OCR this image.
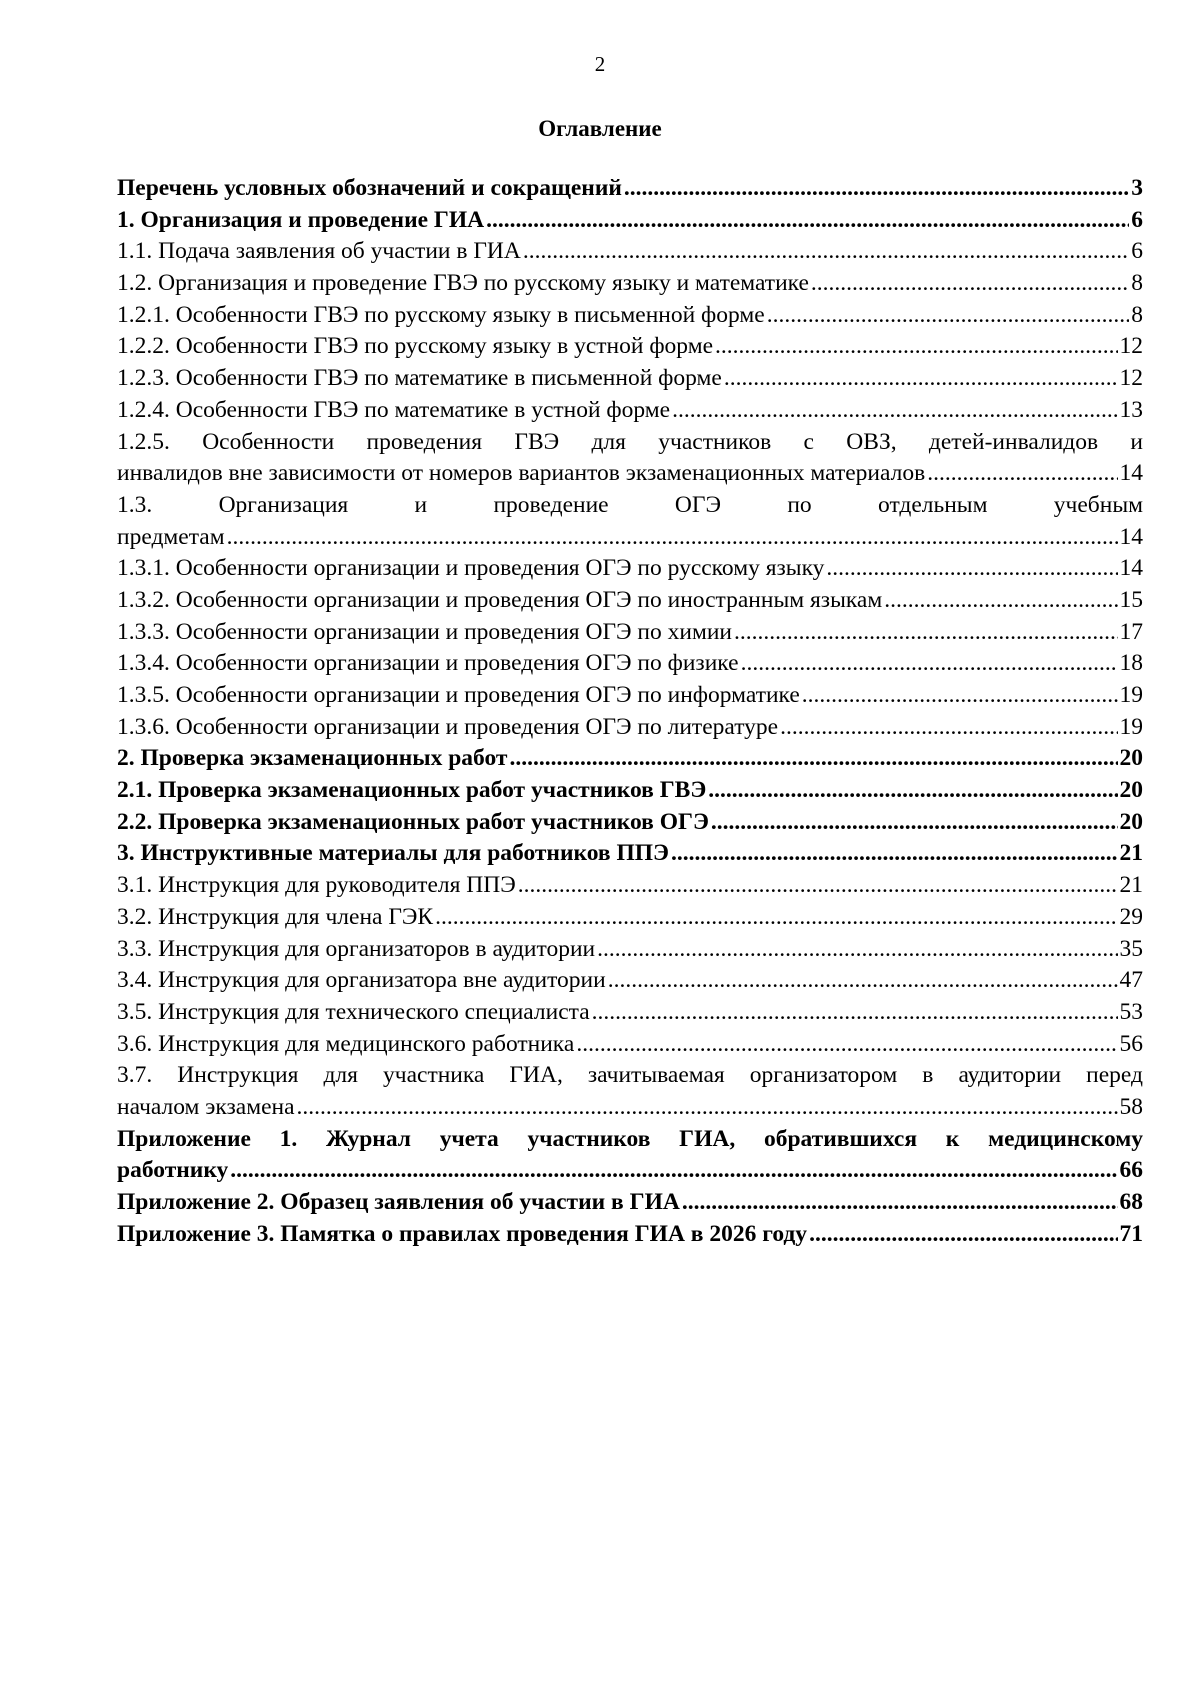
2
Оглавление
Перечень условных обозначений и сокращений .....	3
1. Организация и проведение ГИА .....	6
1.1. Подача заявления об участии в ГИА .....	6
1.2. Организация и проведение ГВЭ по русскому языку и математике .....	8
1.2.1. Особенности ГВЭ по русскому языку в письменной форме .....	8
1.2.2. Особенности ГВЭ по русскому языку в устной форме .....	12
1.2.3. Особенности ГВЭ по математике в письменной форме .....	12
1.2.4. Особенности ГВЭ по математике в устной форме .....	13
1.2.5. Особенности проведения ГВЭ для участников с ОВЗ, детей-инвалидов и
инвалидов вне зависимости от номеров вариантов экзаменационных материалов .....	14
1.3. Организация и проведение ОГЭ по отдельным учебным
предметам .....	14
1.3.1. Особенности организации и проведения ОГЭ по русскому языку .....	14
1.3.2. Особенности организации и проведения ОГЭ по иностранным языкам .....	15
1.3.3. Особенности организации и проведения ОГЭ по химии .....	17
1.3.4. Особенности организации и проведения ОГЭ по физике .....	18
1.3.5. Особенности организации и проведения ОГЭ по информатике .....	19
1.3.6. Особенности организации и проведения ОГЭ по литературе .....	19
2. Проверка экзаменационных работ .....	20
2.1. Проверка экзаменационных работ участников ГВЭ .....	20
2.2. Проверка экзаменационных работ участников ОГЭ .....	20
3. Инструктивные материалы для работников ППЭ .....	21
3.1. Инструкция для руководителя ППЭ .....	21
3.2. Инструкция для члена ГЭК .....	29
3.3. Инструкция для организаторов в аудитории .....	35
3.4. Инструкция для организатора вне аудитории .....	47
3.5. Инструкция для технического специалиста .....	53
3.6. Инструкция для медицинского работника .....	56
3.7. Инструкция для участника ГИА, зачитываемая организатором в аудитории перед
началом экзамена .....	58
Приложение 1. Журнал учета участников ГИА, обратившихся к медицинскому
работнику .....	66
Приложение 2. Образец заявления об участии в ГИА .....	68
Приложение 3. Памятка о правилах проведения ГИА в 2026 году .....	71
